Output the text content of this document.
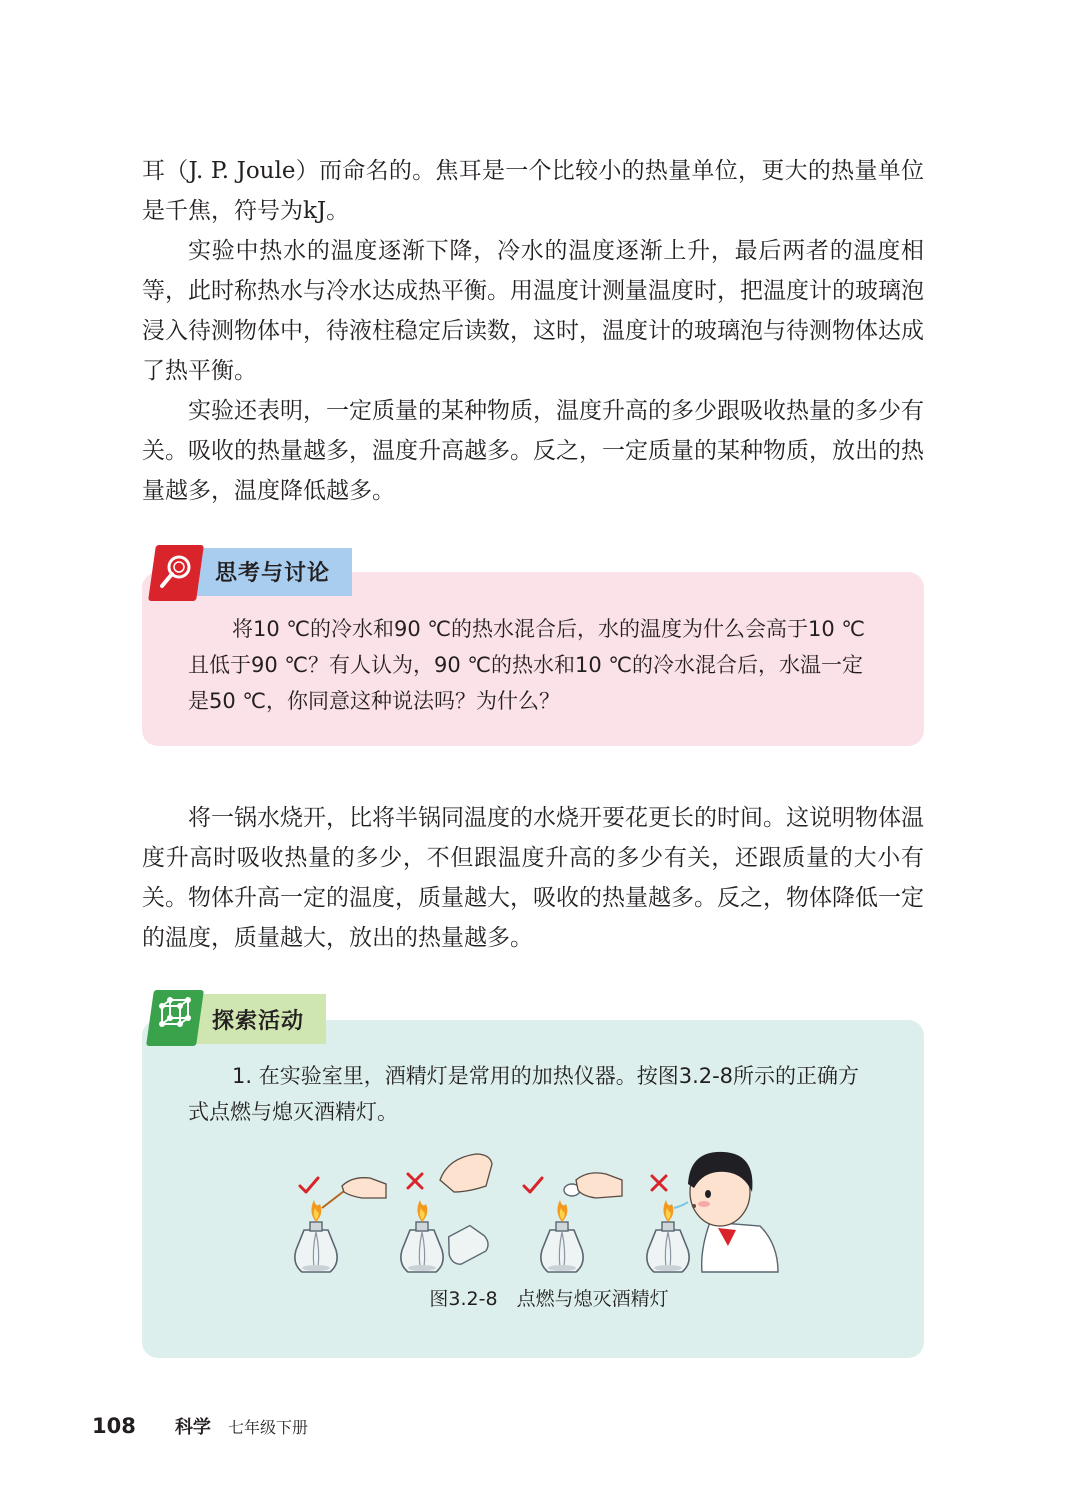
耳（J. P. Joule）而命名的。焦耳是一个比较小的热量单位，更大的热量单位是千焦，符号为kJ。

实验中热水的温度逐渐下降，冷水的温度逐渐上升，最后两者的温度相等，此时称热水与冷水达成热平衡。用温度计测量温度时，把温度计的玻璃泡浸入待测物体中，待液柱稳定后读数，这时，温度计的玻璃泡与待测物体达成了热平衡。

实验还表明，一定质量的某种物质，温度升高的多少跟吸收热量的多少有关。吸收的热量越多，温度升高越多。反之，一定质量的某种物质，放出的热量越多，温度降低越多。

思考与讨论

将10 ℃的冷水和90 ℃的热水混合后，水的温度为什么会高于10 ℃且低于90 ℃？有人认为，90 ℃的热水和10 ℃的冷水混合后，水温一定是50 ℃，你同意这种说法吗？为什么？

将一锅水烧开，比将半锅同温度的水烧开要花更长的时间。这说明物体温度升高时吸收热量的多少，不但跟温度升高的多少有关，还跟质量的大小有关。物体升高一定的温度，质量越大，吸收的热量越多。反之，物体降低一定的温度，质量越大，放出的热量越多。

探索活动

1. 在实验室里，酒精灯是常用的加热仪器。按图3.2-8所示的正确方式点燃与熄灭酒精灯。

图3.2-8　点燃与熄灭酒精灯
108 科学 七年级下册
